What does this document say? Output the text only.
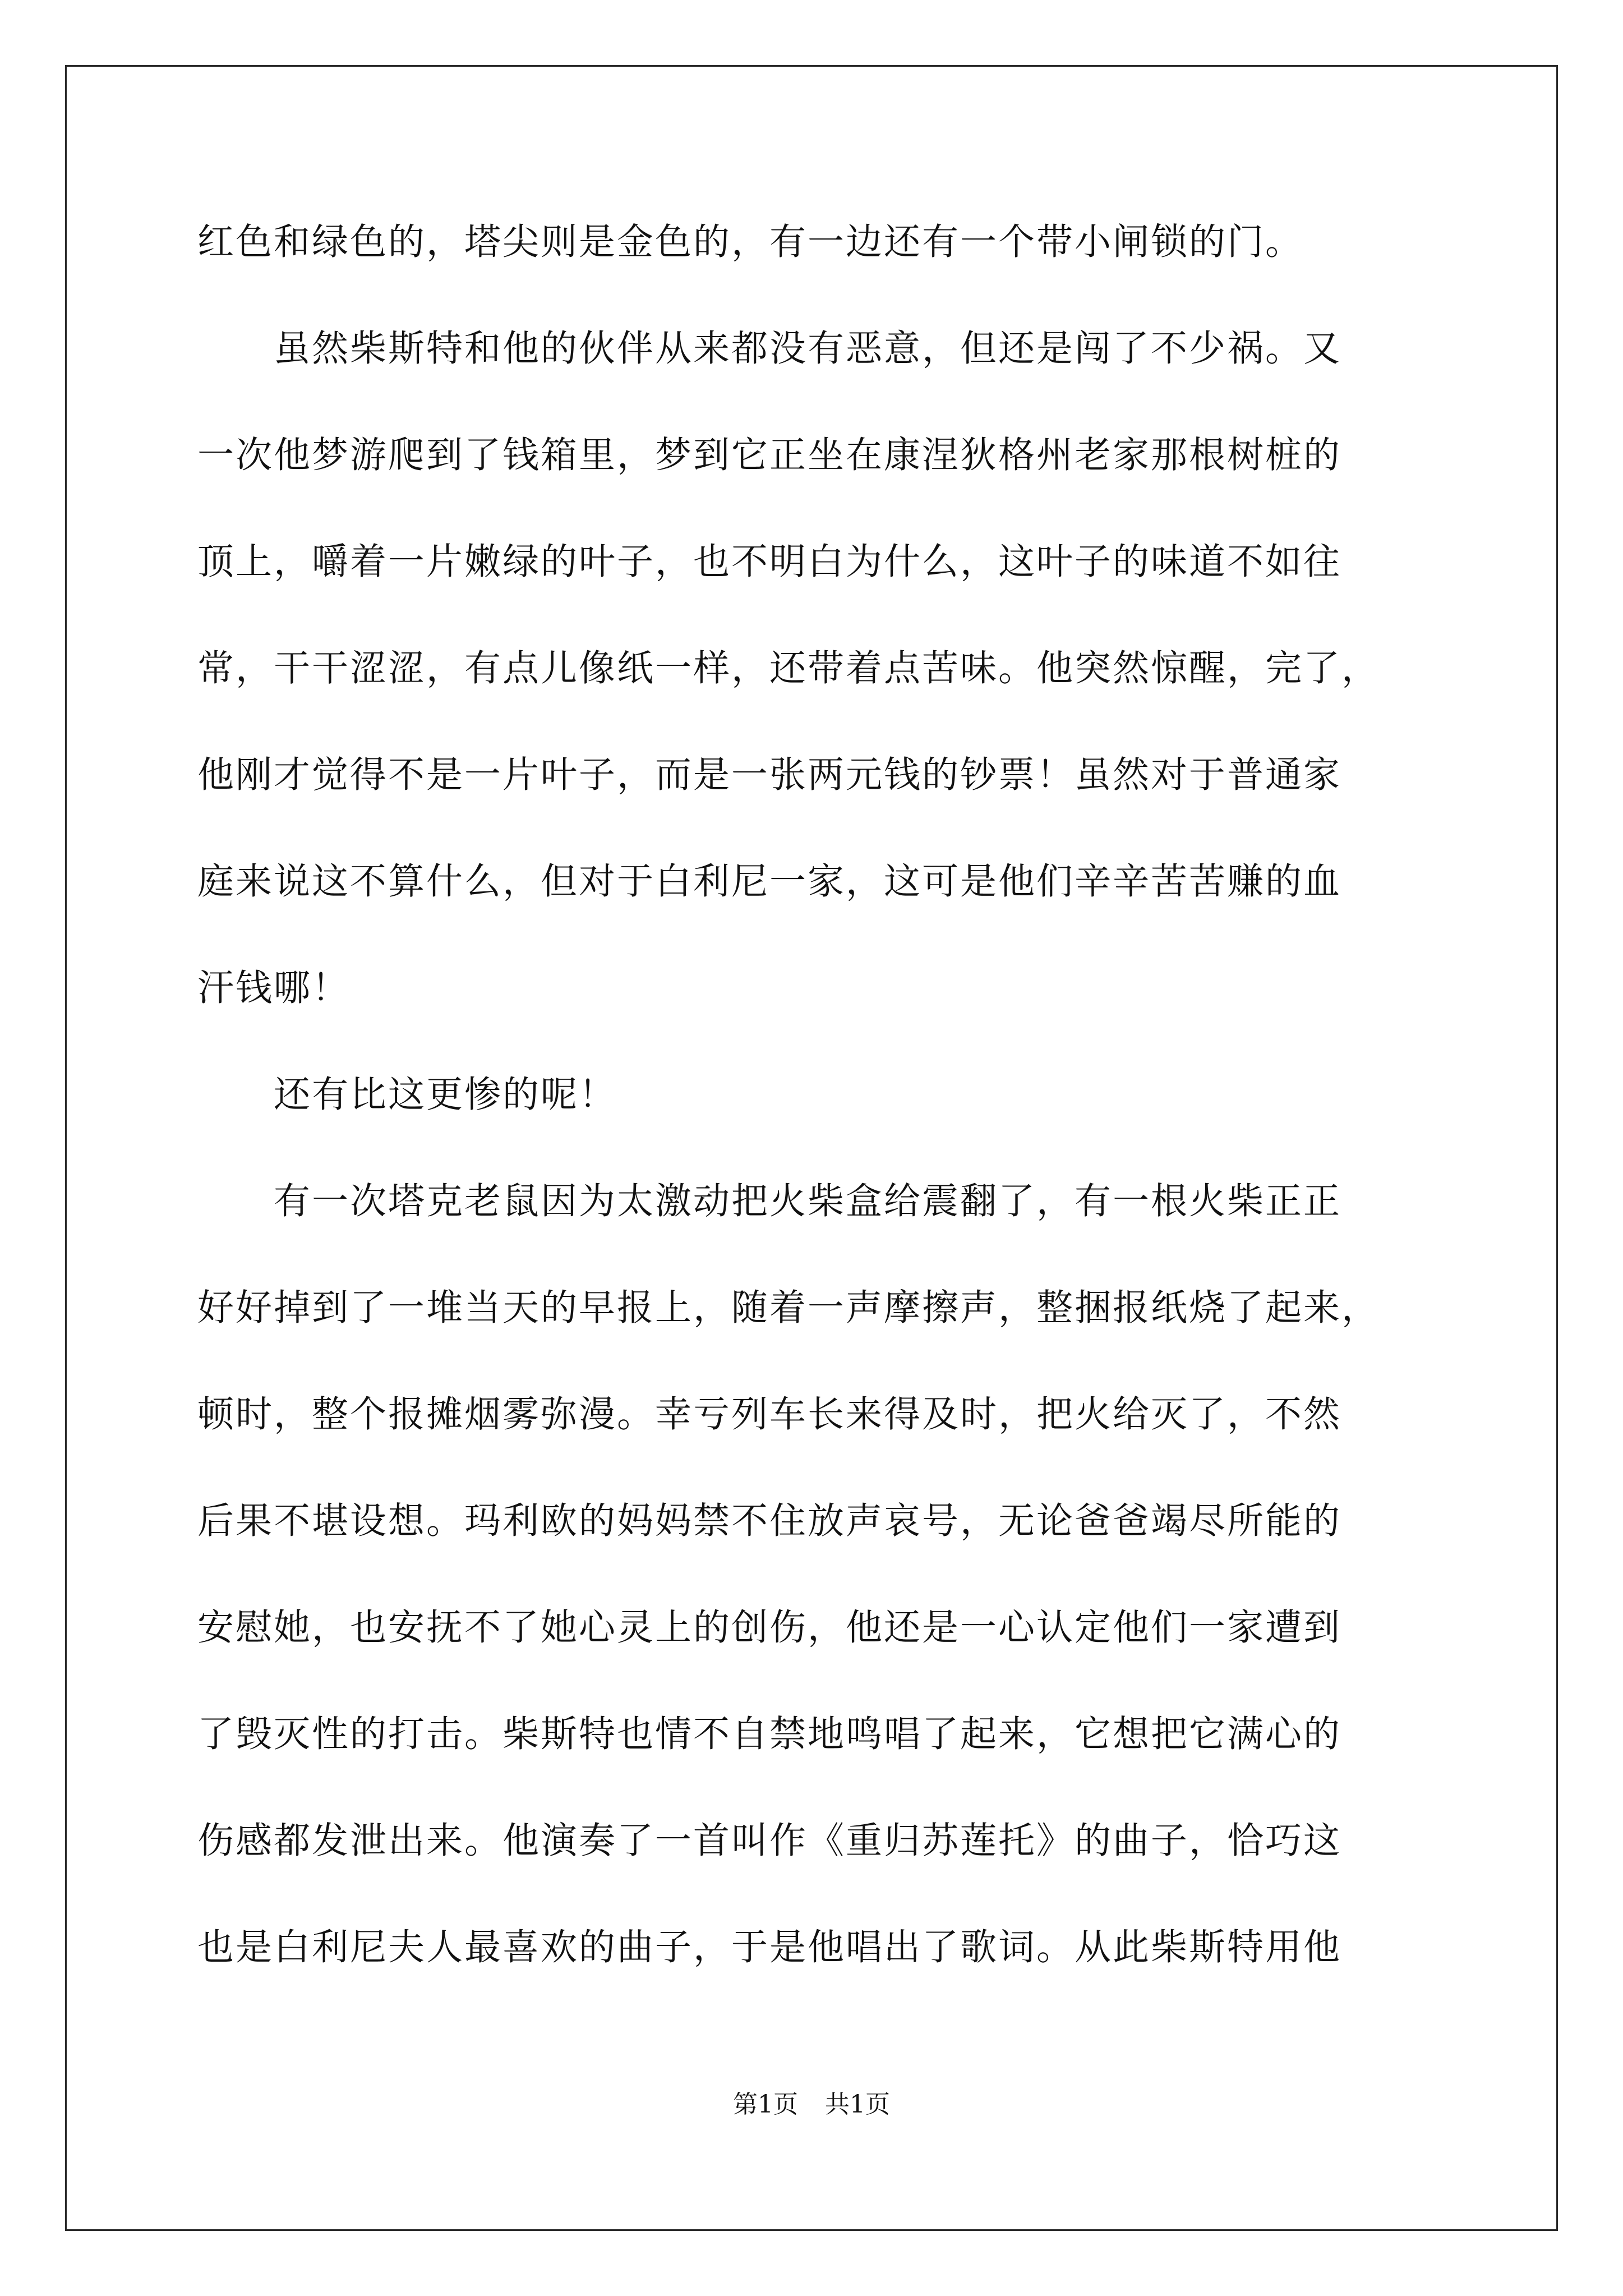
红色和绿色的，塔尖则是金色的，有一边还有一个带小闸锁的门。
　　虽然柴斯特和他的伙伴从来都没有恶意，但还是闯了不少祸。又
一次他梦游爬到了钱箱里，梦到它正坐在康涅狄格州老家那根树桩的
顶上，嚼着一片嫩绿的叶子，也不明白为什么，这叶子的味道不如往
常，干干涩涩，有点儿像纸一样，还带着点苦味。他突然惊醒，完了，
他刚才觉得不是一片叶子，而是一张两元钱的钞票！虽然对于普通家
庭来说这不算什么，但对于白利尼一家，这可是他们辛辛苦苦赚的血
汗钱哪！
　　还有比这更惨的呢！
　　有一次塔克老鼠因为太激动把火柴盒给震翻了，有一根火柴正正
好好掉到了一堆当天的早报上，随着一声摩擦声，整捆报纸烧了起来，
顿时，整个报摊烟雾弥漫。幸亏列车长来得及时，把火给灭了，不然
后果不堪设想。玛利欧的妈妈禁不住放声哀号，无论爸爸竭尽所能的
安慰她，也安抚不了她心灵上的创伤，他还是一心认定他们一家遭到
了毁灭性的打击。柴斯特也情不自禁地鸣唱了起来，它想把它满心的
伤感都发泄出来。他演奏了一首叫作《重归苏莲托》的曲子，恰巧这
也是白利尼夫人最喜欢的曲子，于是他唱出了歌词。从此柴斯特用他
第1页 共1页
